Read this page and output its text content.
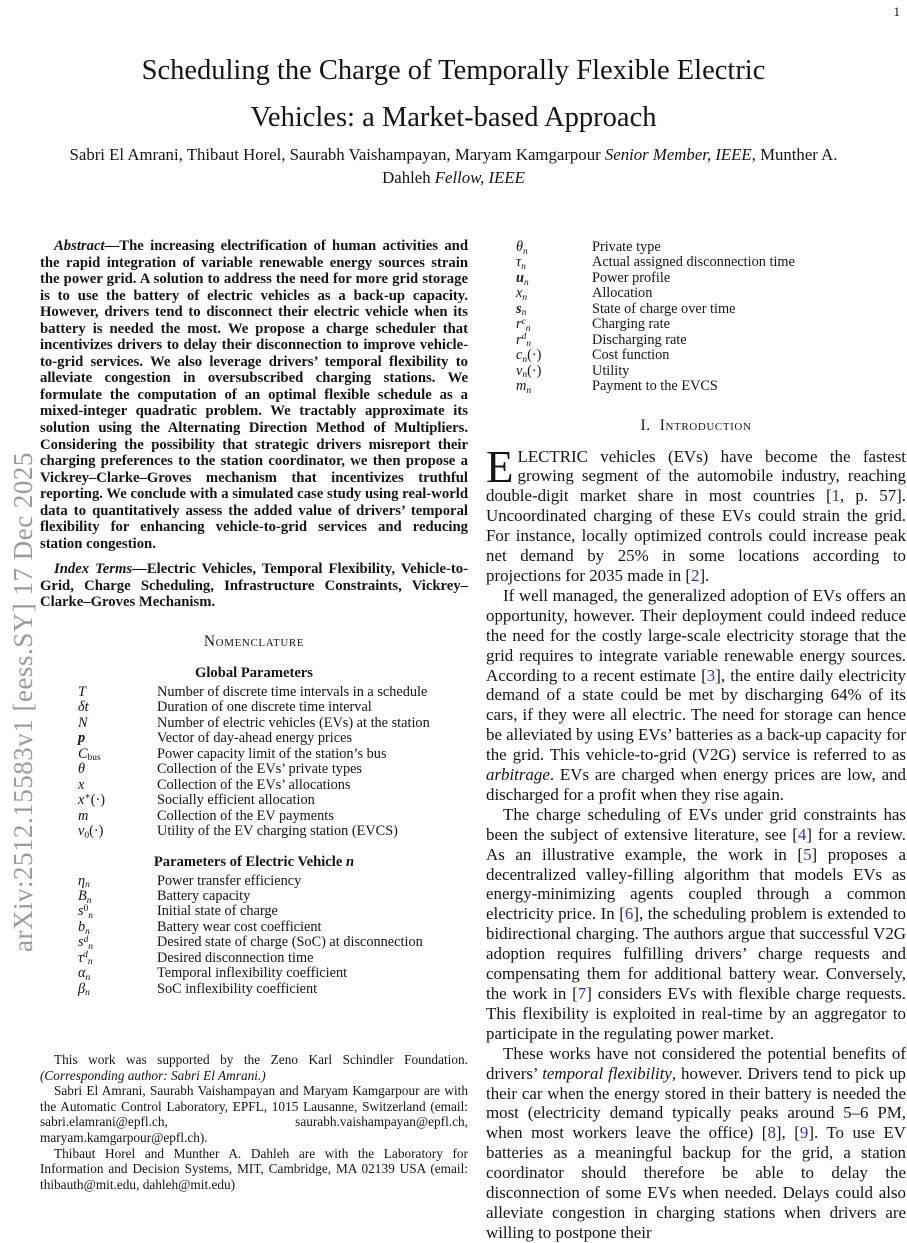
1
arXiv:2512.15583v1 [eess.SY] 17 Dec 2025
Scheduling the Charge of Temporally Flexible Electric
Vehicles: a Market-based Approach
Sabri El Amrani, Thibaut Horel, Saurabh Vaishampayan, Maryam Kamgarpour Senior Member, IEEE, Munther A.
Dahleh Fellow, IEEE

Abstract—The increasing electrification of human activities and the rapid integration of variable renewable energy sources strain the power grid. A solution to address the need for more grid storage is to use the battery of electric vehicles as a back-up capacity. However, drivers tend to disconnect their electric vehicle when its battery is needed the most. We propose a charge scheduler that incentivizes drivers to delay their disconnection to improve vehicle-to-grid services. We also leverage drivers’ temporal flexibility to alleviate congestion in oversubscribed charging stations. We formulate the computation of an optimal flexible schedule as a mixed-integer quadratic problem. We tractably approximate its solution using the Alternating Direction Method of Multipliers. Considering the possibility that strategic drivers misreport their charging preferences to the station coordinator, we then propose a Vickrey–Clarke–Groves mechanism that incentivizes truthful reporting. We conclude with a simulated case study using real-world data to quantitatively assess the added value of drivers’ temporal flexibility for enhancing vehicle-to-grid services and reducing station congestion.

Index Terms—Electric Vehicles, Temporal Flexibility, Vehicle-to-Grid, Charge Scheduling, Infrastructure Constraints, Vickrey–Clarke–Groves Mechanism.

Nomenclature
Global Parameters
T	Number of discrete time intervals in a schedule
δt	Duration of one discrete time interval
N	Number of electric vehicles (EVs) at the station
p	Vector of day-ahead energy prices
Cbus	Power capacity limit of the station’s bus
θ	Collection of the EVs’ private types
x	Collection of the EVs’ allocations
x∗(·)	Socially efficient allocation
m	Collection of the EV payments
v0(·)	Utility of the EV charging station (EVCS)
Parameters of Electric Vehicle n
ηn	Power transfer efficiency
Bn	Battery capacity
$s^0n$	Initial state of charge
bn	Battery wear cost coefficient
$s^dn$	Desired state of charge (SoC) at disconnection
$\tau^dn$	Desired disconnection time
αn	Temporal inflexibility coefficient
βn	SoC inflexibility coefficient

This work was supported by the Zeno Karl Schindler Foundation. (Corresponding author: Sabri El Amrani.)

Sabri El Amrani, Saurabh Vaishampayan and Maryam Kamgarpour are with the Automatic Control Laboratory, EPFL, 1015 Lausanne, Switzerland (email: sabri.elamrani@epfl.ch, saurabh.vaishampayan@epfl.ch, maryam.kamgarpour@epfl.ch).

Thibaut Horel and Munther A. Dahleh are with the Laboratory for Information and Decision Systems, MIT, Cambridge, MA 02139 USA (email: thibauth@mit.edu, dahleh@mit.edu)

θn	Private type
τn	Actual assigned disconnection time
un	Power profile
xn	Allocation
sn	State of charge over time
$r^cn$	Charging rate
$r^dn$	Discharging rate
cn(·)	Cost function
vn(·)	Utility
mn	Payment to the EVCS
I. Introduction

ELECTRIC vehicles (EVs) have become the fastest growing segment of the automobile industry, reaching double-digit market share in most countries [1, p. 57]. Uncoordinated charging of these EVs could strain the grid. For instance, locally optimized controls could increase peak net demand by 25% in some locations according to projections for 2035 made in [2].

If well managed, the generalized adoption of EVs offers an opportunity, however. Their deployment could indeed reduce the need for the costly large-scale electricity storage that the grid requires to integrate variable renewable energy sources. According to a recent estimate [3], the entire daily electricity demand of a state could be met by discharging 64% of its cars, if they were all electric. The need for storage can hence be alleviated by using EVs’ batteries as a back-up capacity for the grid. This vehicle-to-grid (V2G) service is referred to as arbitrage. EVs are charged when energy prices are low, and discharged for a profit when they rise again.

The charge scheduling of EVs under grid constraints has been the subject of extensive literature, see [4] for a review. As an illustrative example, the work in [5] proposes a decentralized valley-filling algorithm that models EVs as energy-minimizing agents coupled through a common electricity price. In [6], the scheduling problem is extended to bidirectional charging. The authors argue that successful V2G adoption requires fulfilling drivers’ charge requests and compensating them for additional battery wear. Conversely, the work in [7] considers EVs with flexible charge requests. This flexibility is exploited in real-time by an aggregator to participate in the regulating power market.

These works have not considered the potential benefits of drivers’ temporal flexibility, however. Drivers tend to pick up their car when the energy stored in their battery is needed the most (electricity demand typically peaks around 5–6 PM, when most workers leave the office) [8], [9]. To use EV batteries as a meaningful backup for the grid, a station coordinator should therefore be able to delay the disconnection of some EVs when needed. Delays could also alleviate congestion in charging stations when drivers are willing to postpone their
